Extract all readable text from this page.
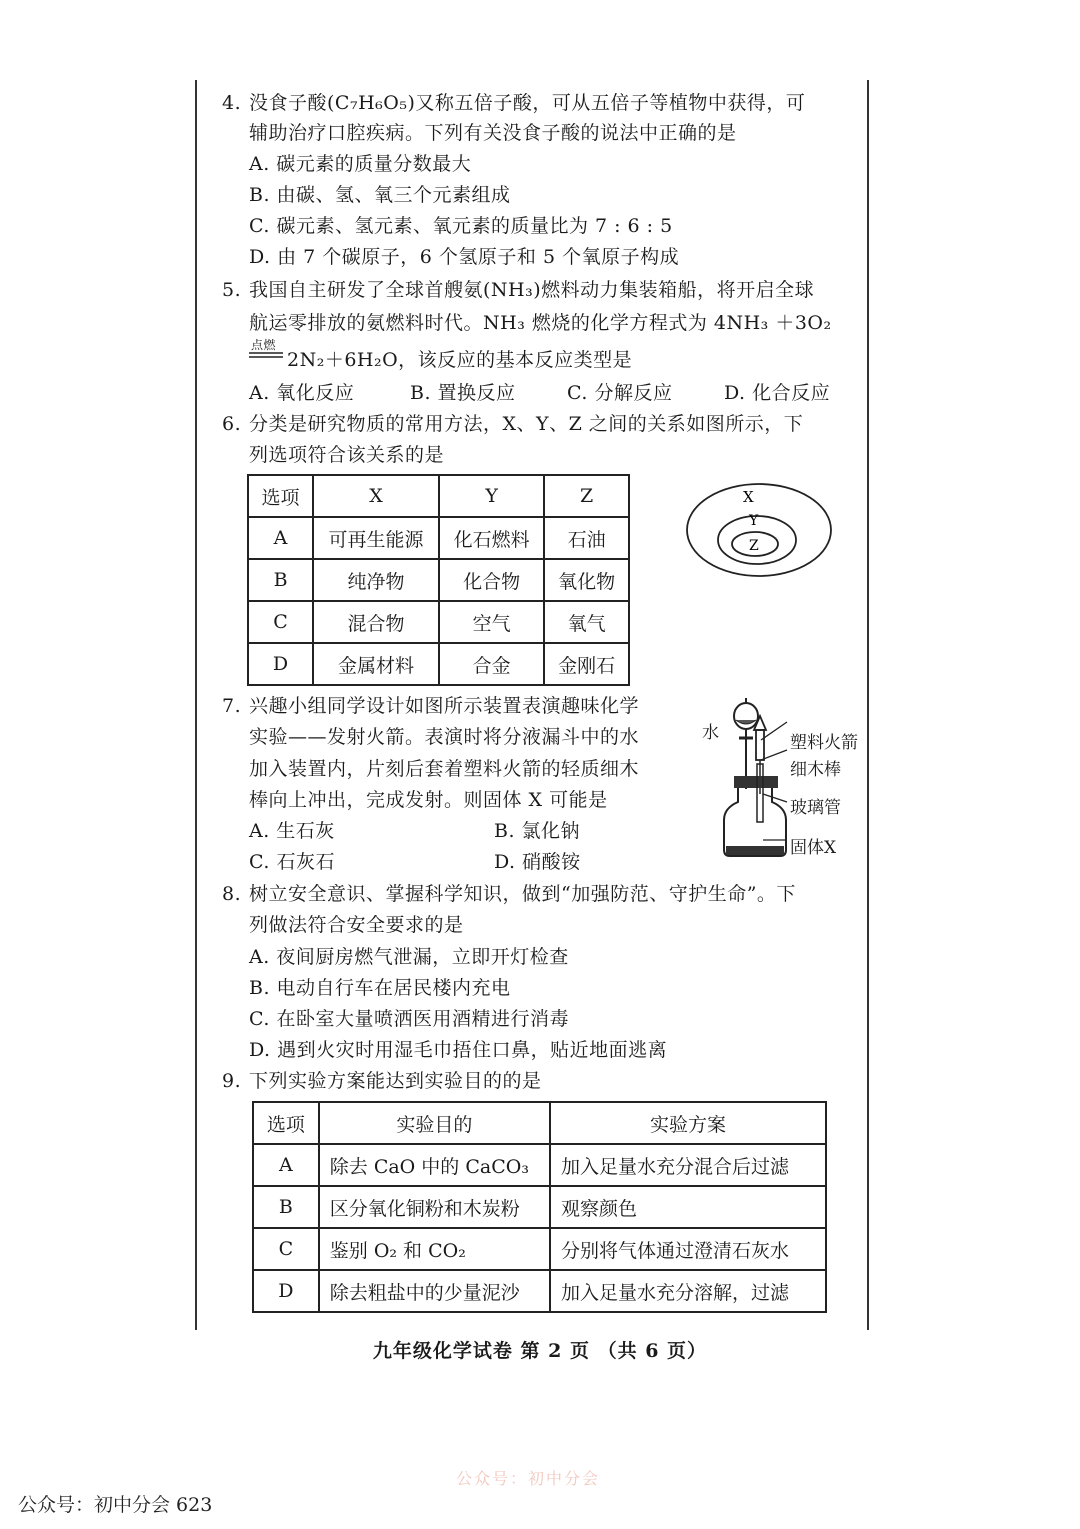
4. 没食子酸(C₇H₆O₅)又称五倍子酸，可从五倍子等植物中获得，可
辅助治疗口腔疾病。下列有关没食子酸的说法中正确的是
A. 碳元素的质量分数最大
B. 由碳、氢、氧三个元素组成
C. 碳元素、氢元素、氧元素的质量比为 7 : 6 : 5
D. 由 7 个碳原子，6 个氢原子和 5 个氧原子构成
5. 我国自主研发了全球首艘氨(NH₃)燃料动力集装箱船，将开启全球
航运零排放的氨燃料时代。NH₃ 燃烧的化学方程式为 4NH₃ ＋3O₂
点燃
2N₂＋6H₂O，该反应的基本反应类型是
A. 氧化反应	B. 置换反应	C. 分解反应	D. 化合反应
6. 分类是研究物质的常用方法，X、Y、Z 之间的关系如图所示，下
列选项符合该关系的是
选项	X	Y	Z
A	可再生能源	化石燃料	石油
B	纯净物	化合物	氧化物
C	混合物	空气	氧气
D	金属材料	合金	金刚石
X
Y
Z
7. 兴趣小组同学设计如图所示装置表演趣味化学
实验——发射火箭。表演时将分液漏斗中的水
加入装置内，片刻后套着塑料火箭的轻质细木
棒向上冲出，完成发射。则固体 X 可能是
A. 生石灰	B. 氯化钠
C. 石灰石	D. 硝酸铵
水	塑料火箭
细木棒
玻璃管
固体X
8. 树立安全意识、掌握科学知识，做到“加强防范、守护生命”。下
列做法符合安全要求的是
A. 夜间厨房燃气泄漏，立即开灯检查
B. 电动自行车在居民楼内充电
C. 在卧室大量喷洒医用酒精进行消毒
D. 遇到火灾时用湿毛巾捂住口鼻，贴近地面逃离
9. 下列实验方案能达到实验目的的是
选项	实验目的	实验方案
A	除去 CaO 中的 CaCO₃	加入足量水充分混合后过滤
B	区分氧化铜粉和木炭粉	观察颜色
C	鉴别 O₂ 和 CO₂	分别将气体通过澄清石灰水
D	除去粗盐中的少量泥沙	加入足量水充分溶解，过滤
九年级化学试卷 第 2 页 （共 6 页）
公众号：初中分会
公众号：初中分会 623
